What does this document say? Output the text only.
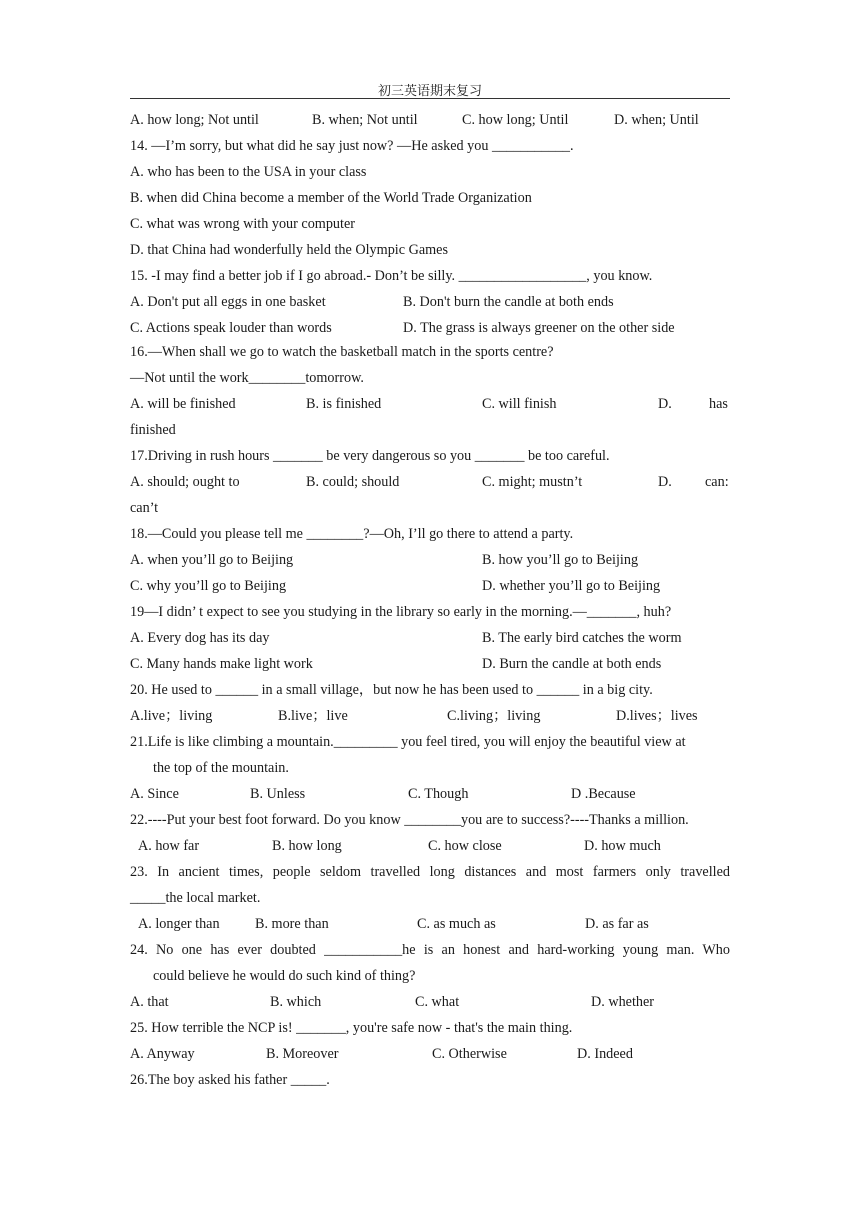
初三英语期末复习
A. how long; Not until	B. when; Not until	C. how long; Until	D. when; Until
14. —I’m sorry, but what did he say just now? —He asked you ___________.
A. who has been to the USA in your class
B. when did China become a member of the World Trade Organization
C. what was wrong with your computer
D. that China had wonderfully held the Olympic Games
15. -I may find a better job if I go abroad.- Don’t be silly. __________________, you know.
A. Don't put all eggs in one basket	B. Don't burn the candle at both ends
C. Actions speak louder than words	D. The grass is always greener on the other side
16.—When shall we go to watch the basketball match in the sports centre?
—Not until the work________tomorrow.
A. will be finished	B. is finished	C. will finish	D.	has
finished
17.Driving in rush hours _______ be very dangerous so you _______ be too careful.
A. should; ought to	B. could; should	C. might; mustn’t	D. can:
can’t
18.—Could you please tell me ________?—Oh, I’ll go there to attend a party.
A. when you’ll go to Beijing	B. how you’ll go to Beijing
C. why you’ll go to Beijing	D. whether you’ll go to Beijing
19—I didn’ t expect to see you studying in the library so early in the morning.—_______, huh?
A. Every dog has its day	B. The early bird catches the worm
C. Many hands make light work	D. Burn the candle at both ends
20. He used to ______ in a small village，but now he has been used to ______ in a big city.
A.live；living	B.live；live	C.living；living	D.lives；lives
21.Life is like climbing a mountain._________ you feel tired, you will enjoy the beautiful view at
the top of the mountain.
A. Since	B. Unless	C. Though	D .Because
22.----Put your best foot forward. Do you know ________you are to success?----Thanks a million.
A. how far	B. how long	C. how close	D. how much
23. In ancient times, people seldom travelled long distances and most farmers only travelled
_____the local market.
A. longer than B. more than	C. as much as	D. as far as
24. No one has ever doubted ___________he is an honest and hard-working young man. Who
could believe he would do such kind of thing?
A. that	B. which	C. what	D. whether
25. How terrible the NCP is! _______, you're safe now - that's the main thing.
A. Anyway	B. Moreover	C. Otherwise	D. Indeed
26.The boy asked his father _____.
